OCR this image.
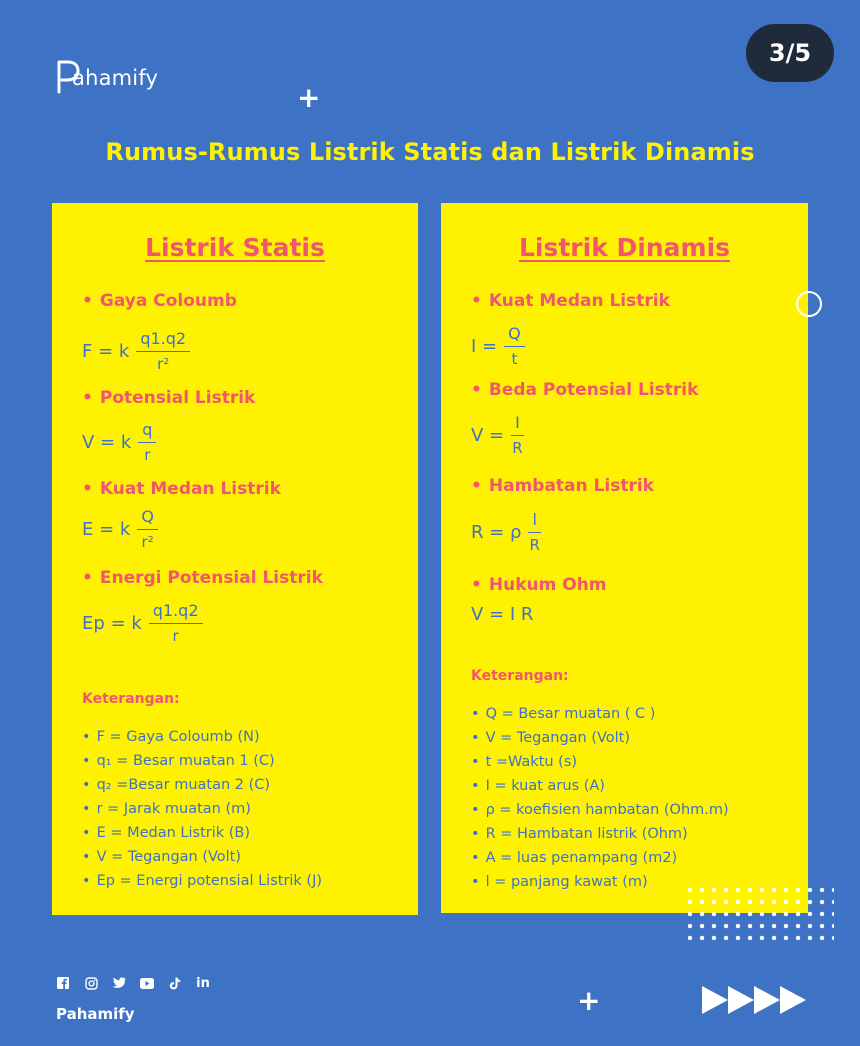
ahamify
+
3/5
Rumus-Rumus Listrik Statis dan Listrik Dinamis
Listrik Statis
• Gaya Coloumb
F = k $\frac{q1.q2}{\text{r²}}$
• Potensial Listrik
V = k $\frac{q}{r}$
• Kuat Medan Listrik
E = k $\frac{Q}{\text{r²}}$
• Energi Potensial Listrik
Ep = k $\frac{q1.q2}{r}$
Keterangan:
• F = Gaya Coloumb (N)
• q₁ = Besar muatan 1 (C)
• q₂ =Besar muatan 2 (C)
• r = Jarak muatan (m)
• E = Medan Listrik (B)
• V = Tegangan (Volt)
• Ep = Energi potensial Listrik (J)
Listrik Dinamis
• Kuat Medan Listrik
$I = \frac{Q}{t}$
• Beda Potensial Listrik
$V = \frac{I}{R}$
• Hambatan Listrik
R = ρ $\frac{l}{R}$
• Hukum Ohm
V = I R
Keterangan:
• Q = Besar muatan ( C )
• V = Tegangan (Volt)
• t =Waktu (s)
• I = kuat arus (A)
• ρ = koefisien hambatan (Ohm.m)
• R = Hambatan listrik (Ohm)
• A = luas penampang (m2)
• l = panjang kawat (m)
in
Pahamify	+
